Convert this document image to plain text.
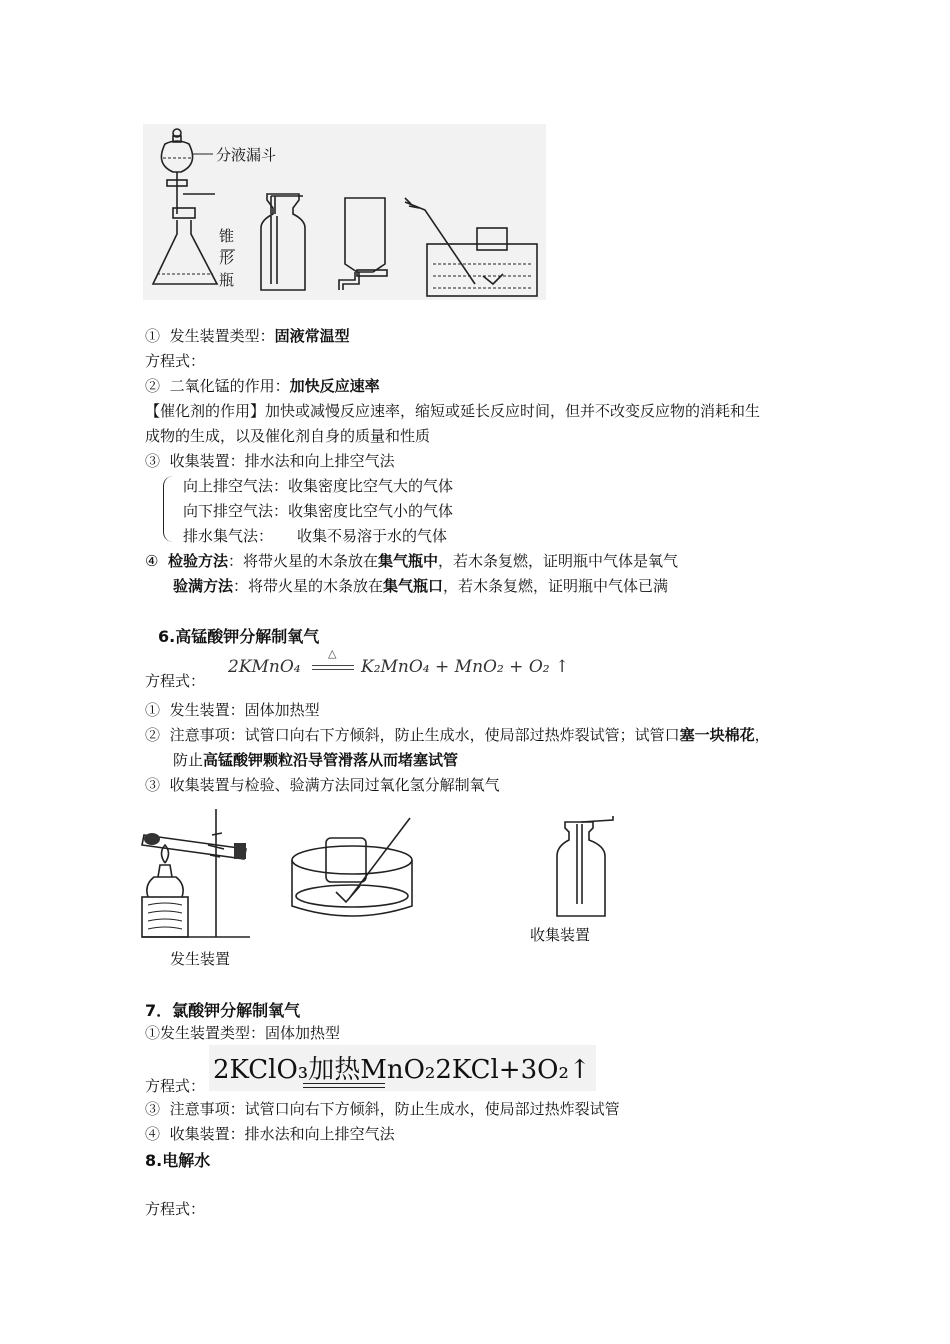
分液漏斗
锥
形
瓶
① 发生装置类型：固液常温型
方程式：
② 二氧化锰的作用：加快反应速率
【催化剂的作用】加快或减慢反应速率，缩短或延长反应时间，但并不改变反应物的消耗和生
成物的生成，以及催化剂自身的质量和性质
③ 收集装置：排水法和向上排空气法
向上排空气法：收集密度比空气大的气体
向下排空气法：收集密度比空气小的气体
排水集气法： 收集不易溶于水的气体
④ 检验方法：将带火星的木条放在集气瓶中，若木条复燃，证明瓶中气体是氧气
验满方法：将带火星的木条放在集气瓶口，若木条复燃，证明瓶中气体已满
6.高锰酸钾分解制氧气
方程式：
2KMnO₄
△
K₂MnO₄ + MnO₂ + O₂ ↑
① 发生装置：固体加热型
② 注意事项：试管口向右下方倾斜，防止生成水，使局部过热炸裂试管；试管口塞一块棉花，
防止高锰酸钾颗粒沿导管滑落从而堵塞试管
③ 收集装置与检验、验满方法同过氧化氢分解制氧气
发生装置
收集装置
7．氯酸钾分解制氧气
①发生装置类型：固体加热型
方程式：
2KClO₃加热MnO₂2KCl+3O₂↑
③ 注意事项：试管口向右下方倾斜，防止生成水，使局部过热炸裂试管
④ 收集装置：排水法和向上排空气法
8.电解水
方程式：
